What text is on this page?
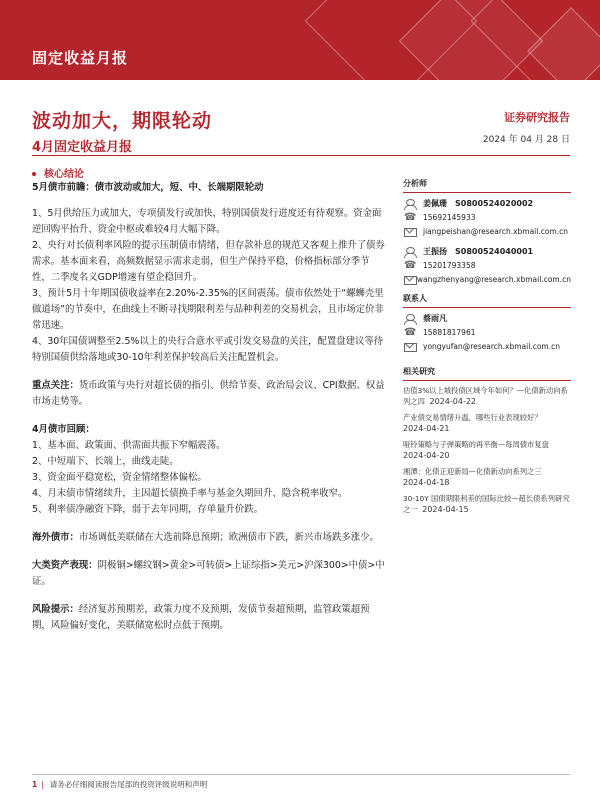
固定收益月报
波动加大，期限轮动
4月固定收益月报
证券研究报告
2024 年 04 月 28 日
核心结论

5月债市前瞻：债市波动或加大，短、中、长端期限轮动

1、5月供给压力或加大，专项债发行或加快，特别国债发行进度还有待观察。资金面逆回购平抬升、资金中枢或难较4月大幅下降。

2、央行对长债利率风险的提示压制债市情绪，但存款补息的规范又客观上推升了债券需求。基本面来看，高频数据显示需求走弱，但生产保持平稳，价格指标部分季节性，二季度名义GDP增速有望企稳回升。

3、预计5月十年期国债收益率在2.20%-2.35%的区间震荡。债市依然处于“螺蛳壳里做道场”的节奏中，在曲线上不断寻找期限利差与品种利差的交易机会，且市场定价非常迅速。

4、30年国债调整至2.5%以上的央行合意水平或引发交易盘的关注，配置盘建议等待特别国债供给落地或30-10年利差保护较高后关注配置机会。

重点关注：货币政策与央行对超长债的指引、供给节奏、政治局会议、CPI数据、权益市场走势等。

4月债市回顾：

1、基本面、政策面、供需面共振下窄幅震荡。

2、中短端下、长端上，曲线走陡。

3、资金面平稳宽松，资金情绪整体偏松。

4、月末债市情绪续升，主因超长债换手率与基金久期回升、隐含税率收窄。

5、利率债净融资下降，弱于去年同期，存单量升价跌。

海外债市：市场调低美联储在大选前降息预期；欧洲债市下跌，新兴市场跌多涨少。

大类资产表现：阴极铜>螺纹钢>黄金>可转债>上证综指>美元>沪深300>中债>中证。

风险提示：经济复苏预期差，政策力度不及预期，发债节奏超预期，监管政策超预期，风险偏好变化，美联储宽松时点低于预期。

分析师
姜佩珊 S0800524020002
☎
15692145933
jiangpeishan@research.xbmail.com.cn
王振扬 S0800524040001
☎
15201793358
wangzhenyang@research.xbmail.com.cn
联系人
蔡雨凡
☎
15881817961
yongyufan@research.xbmail.com.cn
相关研究
估值3%以上城投债区域今年如何？—化债新动向系列之四 2024-04-22
产业债交易情绪升温，哪些行业表现较好？
2024-04-21
哑铃策略与子弹策略的再平衡—每周债市复盘
2024-04-20
湘潭：化债正迎新局—化债新动向系列之三
2024-04-18
30-10Y 国债期限利差的国际比较—超长债系列研究之一 2024-04-15
1 | 请务必仔细阅读报告尾部的投资评级说明和声明
